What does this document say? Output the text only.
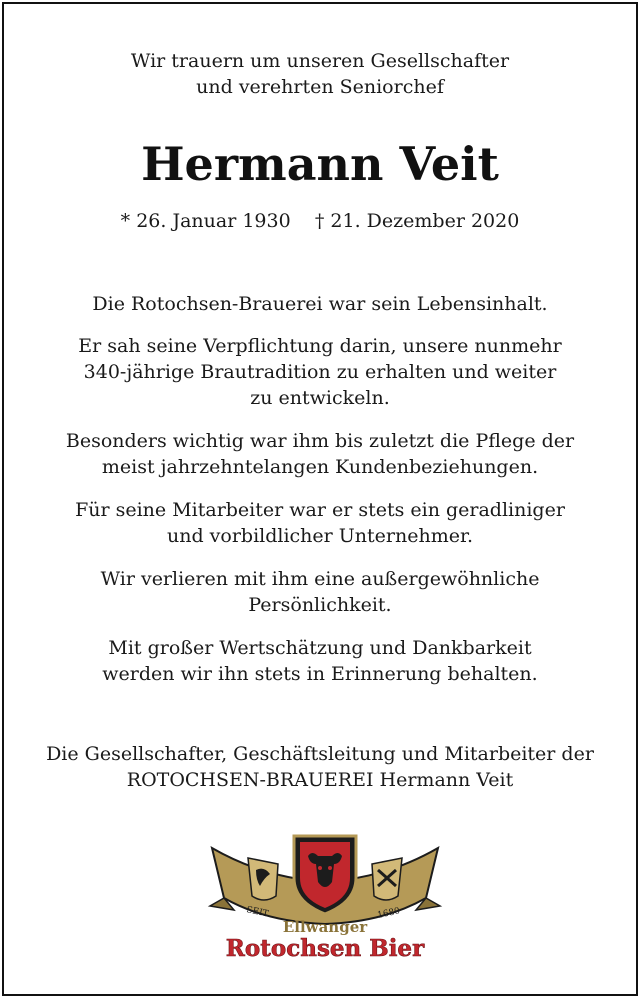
Wir trauern um unseren Gesellschafter

und verehrten Seniorchef

Hermann Veit

* 26. Januar 1930 † 21. Dezember 2020

Die Rotochsen-Brauerei war sein Lebensinhalt.

Er sah seine Verpflichtung darin, unsere nunmehr

340-jährige Brautradition zu erhalten und weiter

zu entwickeln.

Besonders wichtig war ihm bis zuletzt die Pflege der

meist jahrzehntelangen Kundenbeziehungen.

Für seine Mitarbeiter war er stets ein geradliniger

und vorbildlicher Unternehmer.

Wir verlieren mit ihm eine außergewöhnliche

Persönlichkeit.

Mit großer Wertschätzung und Dankbarkeit

werden wir ihn stets in Erinnerung behalten.

Die Gesellschafter, Geschäftsleitung und Mitarbeiter der

ROTOCHSEN-BRAUEREI Hermann Veit

SEIT	1680
Ellwanger
Rotochsen Bier
